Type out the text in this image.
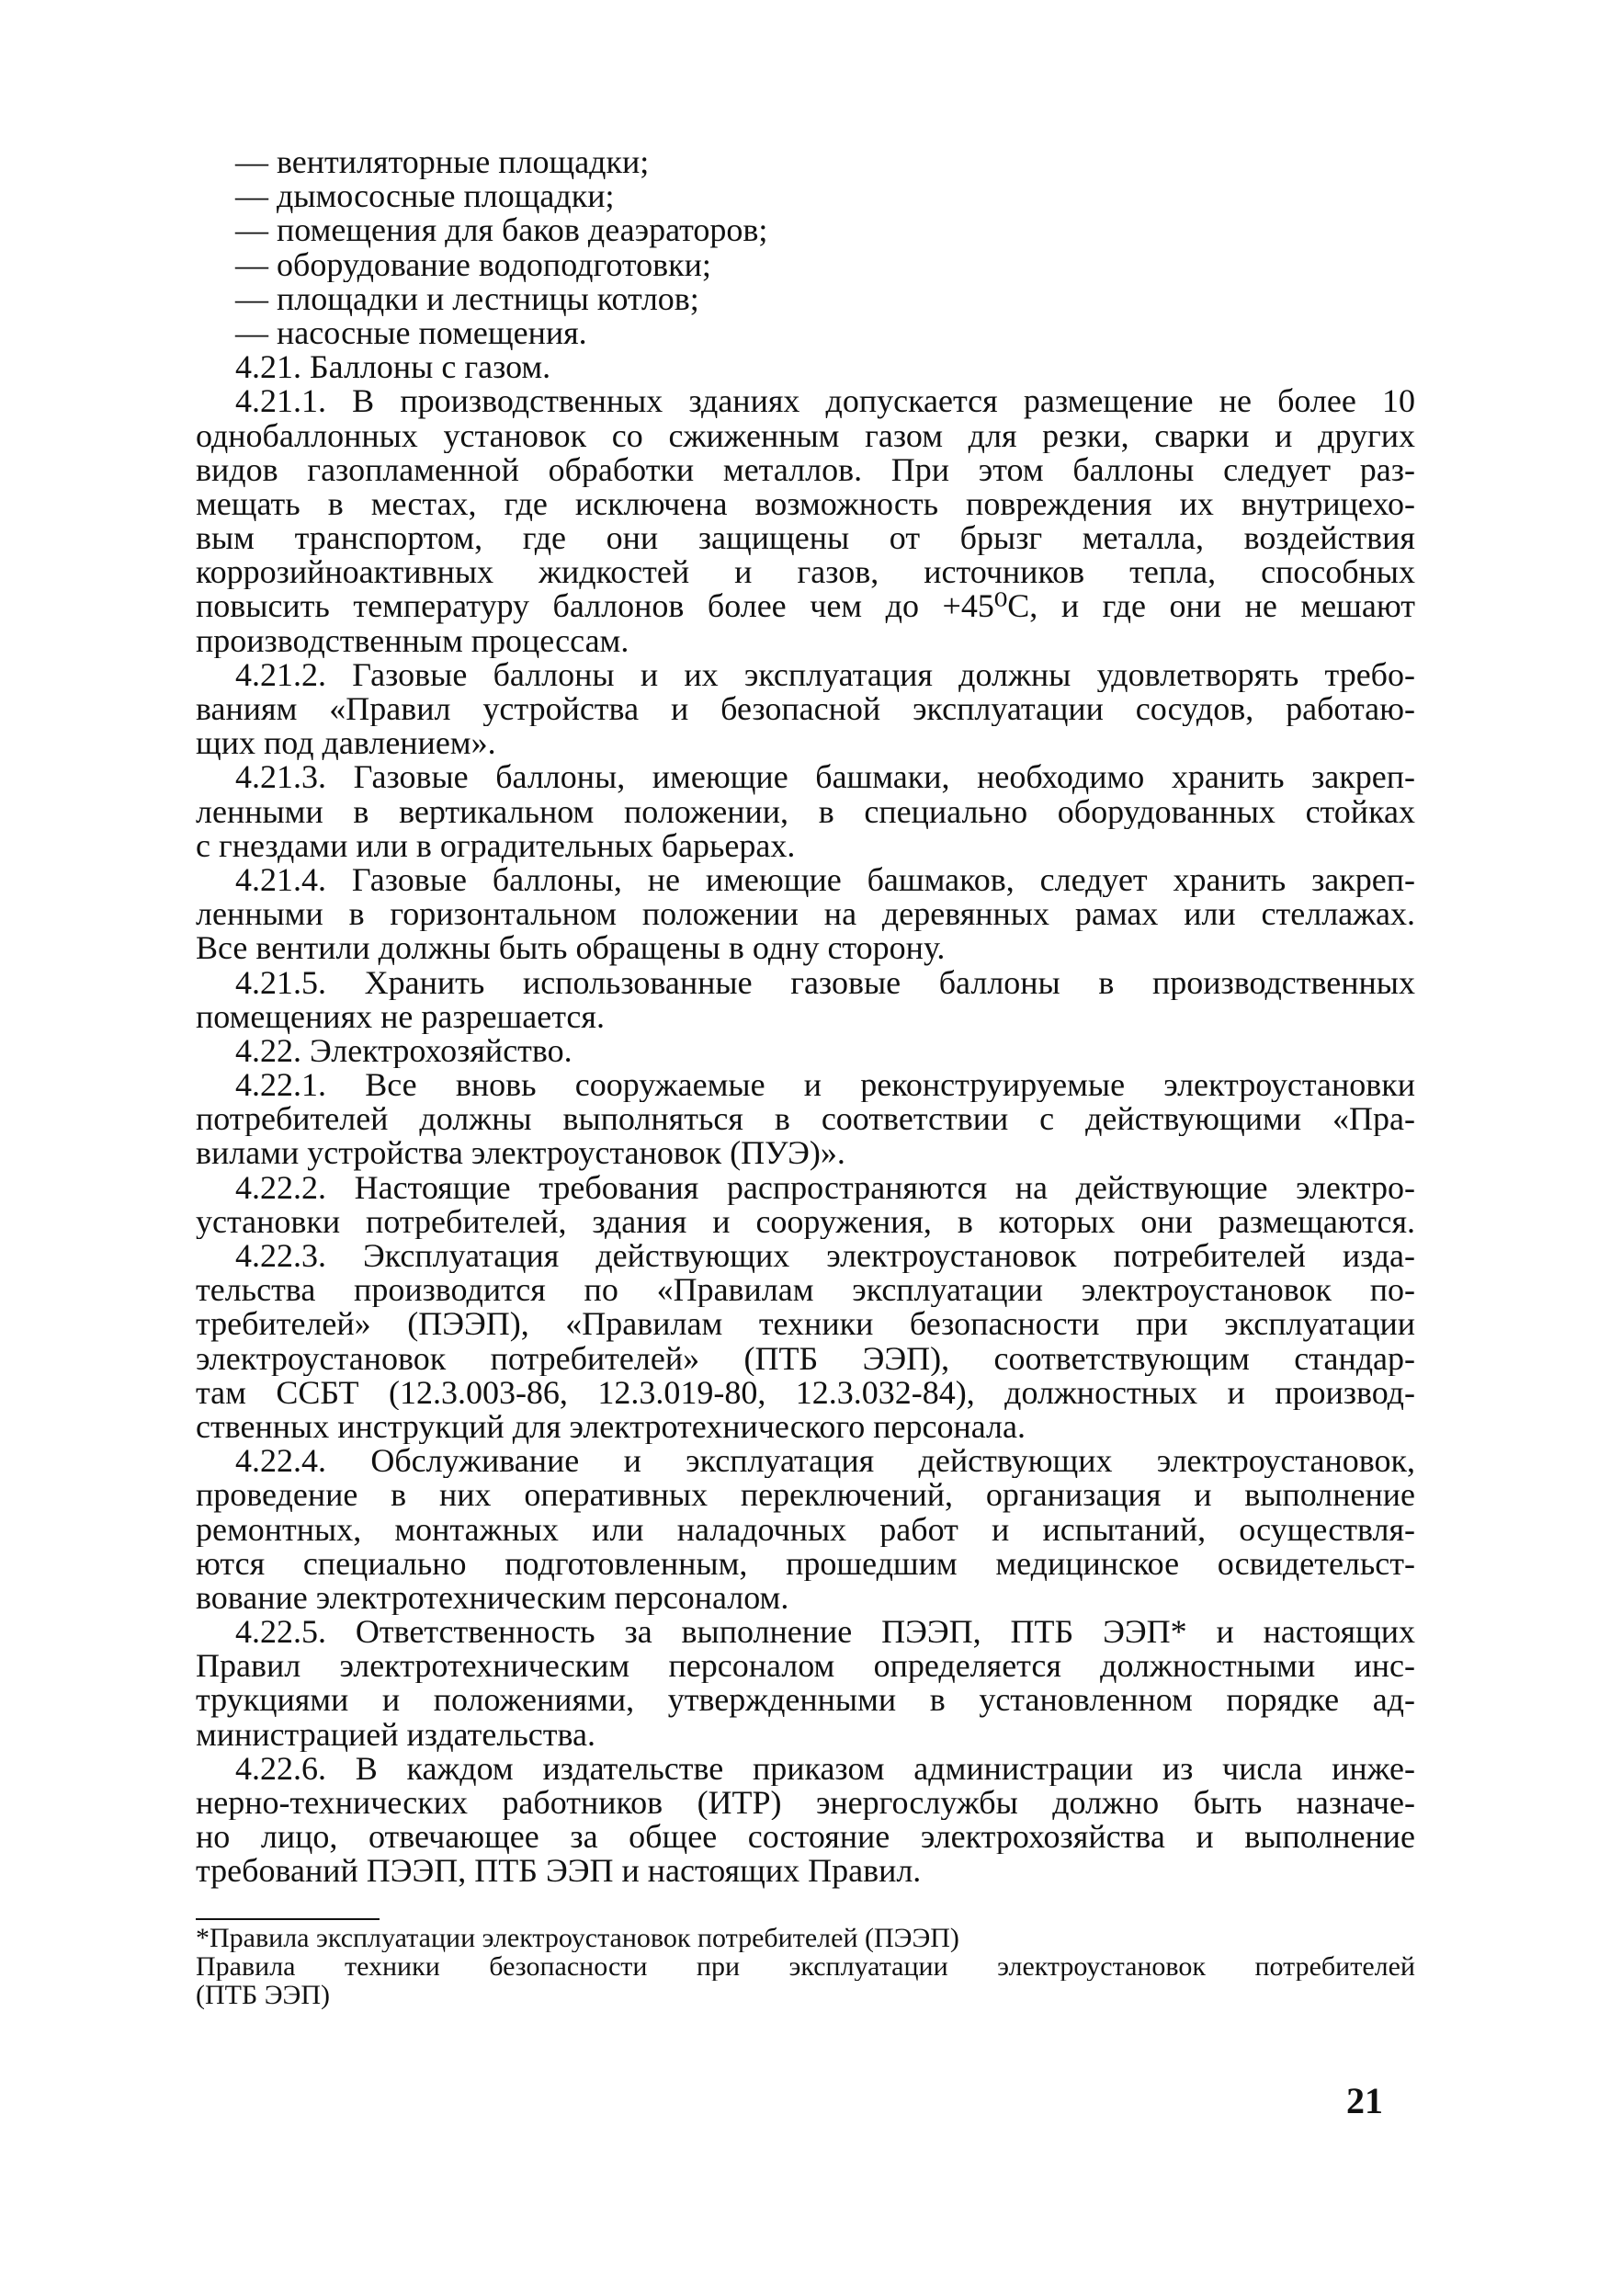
— вентиляторные площадки;
— дымососные площадки;
— помещения для баков деаэраторов;
— оборудование водоподготовки;
— площадки и лестницы котлов;
— насосные помещения.
4.21. Баллоны с газом.
4.21.1. В производственных зданиях допускается размещение не более 10
однобаллонных установок со сжиженным газом для резки, сварки и других
видов газопламенной обработки металлов. При этом баллоны следует раз-
мещать в местах, где исключена возможность повреждения их внутрицехо-
вым транспортом, где они защищены от брызг металла, воздействия
коррозийноактивных жидкостей и газов, источников тепла, способных
повысить температуру баллонов более чем до +45⁰С, и где они не мешают
производственным процессам.
4.21.2. Газовые баллоны и их эксплуатация должны удовлетворять требо-
ваниям «Правил устройства и безопасной эксплуатации сосудов, работаю-
щих под давлением».
4.21.3. Газовые баллоны, имеющие башмаки, необходимо хранить закреп-
ленными в вертикальном положении, в специально оборудованных стойках
с гнездами или в оградительных барьерах.
4.21.4. Газовые баллоны, не имеющие башмаков, следует хранить закреп-
ленными в горизонтальном положении на деревянных рамах или стеллажах.
Все вентили должны быть обращены в одну сторону.
4.21.5. Хранить использованные газовые баллоны в производственных
помещениях не разрешается.
4.22. Электрохозяйство.
4.22.1. Все вновь сооружаемые и реконструируемые электроустановки
потребителей должны выполняться в соответствии с действующими «Пра-
вилами устройства электроустановок (ПУЭ)».
4.22.2. Настоящие требования распространяются на действующие электро-
установки потребителей, здания и сооружения, в которых они размещаются.
4.22.3. Эксплуатация действующих электроустановок потребителей изда-
тельства производится по «Правилам эксплуатации электроустановок по-
требителей» (ПЭЭП), «Правилам техники безопасности при эксплуатации
электроустановок потребителей» (ПТБ ЭЭП), соответствующим стандар-
там ССБТ (12.3.003-86, 12.3.019-80, 12.3.032-84), должностных и производ-
ственных инструкций для электротехнического персонала.
4.22.4. Обслуживание и эксплуатация действующих электроустановок,
проведение в них оперативных переключений, организация и выполнение
ремонтных, монтажных или наладочных работ и испытаний, осуществля-
ются специально подготовленным, прошедшим медицинское освидетельст-
вование электротехническим персоналом.
4.22.5. Ответственность за выполнение ПЭЭП, ПТБ ЭЭП* и настоящих
Правил электротехническим персоналом определяется должностными инс-
трукциями и положениями, утвержденными в установленном порядке ад-
министрацией издательства.
4.22.6. В каждом издательстве приказом администрации из числа инже-
нерно-технических работников (ИТР) энергослужбы должно быть назначе-
но лицо, отвечающее за общее состояние электрохозяйства и выполнение
требований ПЭЭП, ПТБ ЭЭП и настоящих Правил.
*Правила эксплуатации электроустановок потребителей (ПЭЭП)
Правила техники безопасности при эксплуатации электроустановок потребителей
(ПТБ ЭЭП)
21
